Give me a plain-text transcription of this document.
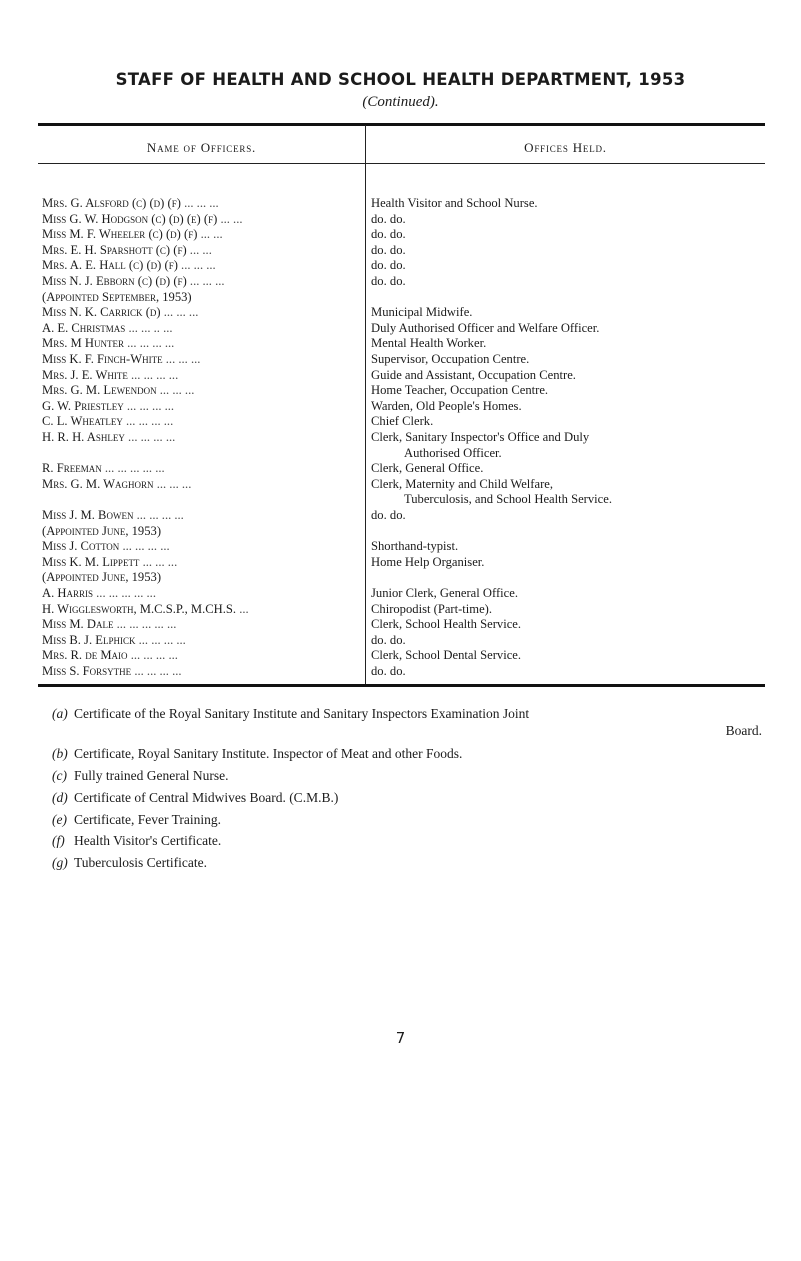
STAFF OF HEALTH AND SCHOOL HEALTH DEPARTMENT, 1953
(Continued).
Name of Officers.	Offices Held.
Mrs. G. Alsford (c) (d) (f) ... ... ...	Health Visitor and School Nurse.
Miss G. W. Hodgson (c) (d) (e) (f) ... ...	do. do.
Miss M. F. Wheeler (c) (d) (f) ... ...	do. do.
Mrs. E. H. Sparshott (c) (f) ... ...	do. do.
Mrs. A. E. Hall (c) (d) (f) ... ... ...	do. do.
Miss N. J. Ebborn (c) (d) (f) ... ... ...	do. do.
(Appointed September, 1953)
Miss N. K. Carrick (d) ... ... ...	Municipal Midwife.
A. E. Christmas ... ... .. ...	Duly Authorised Officer and Welfare Officer.
Mrs. M Hunter ... ... ... ...	Mental Health Worker.
Miss K. F. Finch-White ... ... ...	Supervisor, Occupation Centre.
Mrs. J. E. White ... ... ... ...	Guide and Assistant, Occupation Centre.
Mrs. G. M. Lewendon ... ... ...	Home Teacher, Occupation Centre.
G. W. Priestley ... ... ... ...	Warden, Old People's Homes.
C. L. Wheatley ... ... ... ...	Chief Clerk.
H. R. H. Ashley ... ... ... ...	Clerk, Sanitary Inspector's Office and Duly
Authorised Officer.
R. Freeman ... ... ... ... ...	Clerk, General Office.
Mrs. G. M. Waghorn ... ... ...	Clerk, Maternity and Child Welfare,
Tuberculosis, and School Health Service.
Miss J. M. Bowen ... ... ... ...	do. do.
(Appointed June, 1953)
Miss J. Cotton ... ... ... ...	Shorthand-typist.
Miss K. M. Lippett ... ... ...	Home Help Organiser.
(Appointed June, 1953)
A. Harris ... ... ... ... ...	Junior Clerk, General Office.
H. Wigglesworth, M.C.S.P., M.CH.S. ...	Chiropodist (Part-time).
Miss M. Dale ... ... ... ... ...	Clerk, School Health Service.
Miss B. J. Elphick ... ... ... ...	do. do.
Mrs. R. de Maio ... ... ... ...	Clerk, School Dental Service.
Miss S. Forsythe ... ... ... ...	do. do.
(a) Certificate of the Royal Sanitary Institute and Sanitary Inspectors Examination Joint
Board.
(b) Certificate, Royal Sanitary Institute. Inspector of Meat and other Foods.
(c) Fully trained General Nurse.
(d) Certificate of Central Midwives Board. (C.M.B.)
(e) Certificate, Fever Training.
(f) Health Visitor's Certificate.
(g) Tuberculosis Certificate.
7
